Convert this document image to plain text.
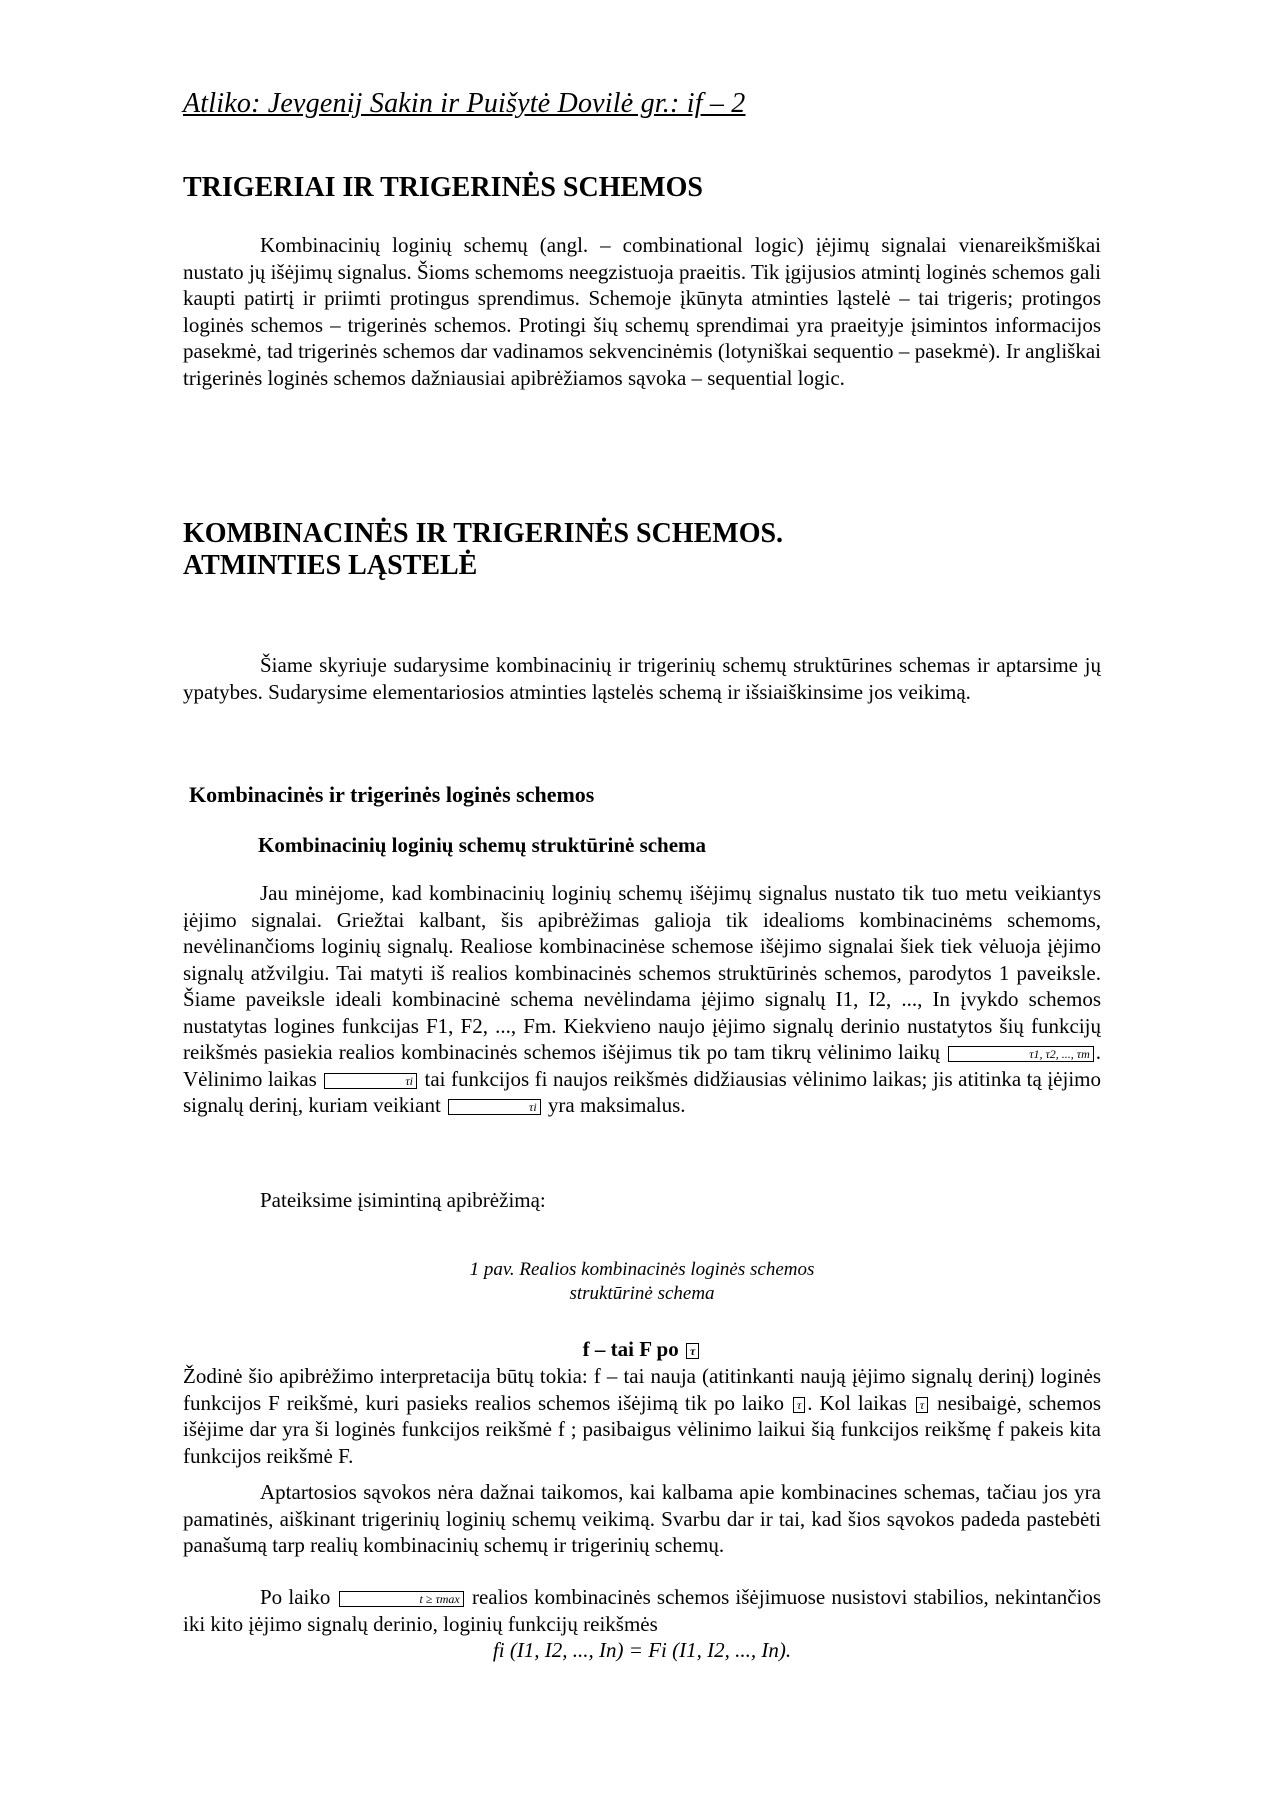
Atliko: Jevgenij Sakin ir Puišytė Dovilė gr.: if – 2
TRIGERIAI IR TRIGERINĖS SCHEMOS

Kombinacinių loginių schemų (angl. – combinational logic) įėjimų signalai vienareikšmiškai nustato jų išėjimų signalus. Šioms schemoms neegzistuoja praeitis. Tik įgijusios atmintį loginės schemos gali kaupti patirtį ir priimti protingus sprendimus. Schemoje įkūnyta atminties ląstelė – tai trigeris; protingos loginės schemos – trigerinės schemos. Protingi šių schemų sprendimai yra praeityje įsimintos informacijos pasekmė, tad trigerinės schemos dar vadinamos sekvencinėmis (lotyniškai sequentio – pasekmė). Ir angliškai trigerinės loginės schemos dažniausiai apibrėžiamos sąvoka – sequential logic.

KOMBINACINĖS IR TRIGERINĖS SCHEMOS.
ATMINTIES LĄSTELĖ

Šiame skyriuje sudarysime kombinacinių ir trigerinių schemų struktūrines schemas ir aptarsime jų ypatybes. Sudarysime elementariosios atminties ląstelės schemą ir išsiaiškinsime jos veikimą.

Kombinacinės ir trigerinės loginės schemos
Kombinacinių loginių schemų struktūrinė schema

Jau minėjome, kad kombinacinių loginių schemų išėjimų signalus nustato tik tuo metu veikiantys įėjimo signalai. Griežtai kalbant, šis apibrėžimas galioja tik idealioms kombinacinėms schemoms, nevėlinančioms loginių signalų. Realiose kombinacinėse schemose išėjimo signalai šiek tiek vėluoja įėjimo signalų atžvilgiu. Tai matyti iš realios kombinacinės schemos struktūrinės schemos, parodytos 1 paveiksle. Šiame paveiksle ideali kombinacinė schema nevėlindama įėjimo signalų I1, I2, ..., In įvykdo schemos nustatytas logines funkcijas F1, F2, ..., Fm. Kiekvieno naujo įėjimo signalų derinio nustatytos šių funkcijų reikšmės pasiekia realios kombinacinės schemos išėjimus tik po tam tikrų vėlinimo laikų	τ1, τ2, ..., τm . Vėlinimo laikas	τi tai funkcijos fi naujos reikšmės didžiausias vėlinimo laikas; jis atitinka tą įėjimo signalų derinį, kuriam veikiant	τi yra maksimalus.

Pateiksime įsimintiną apibrėžimą:

1 pav. Realios kombinacinės loginės schemos
struktūrinė schema

f – tai F po τ

Žodinė šio apibrėžimo interpretacija būtų tokia: f – tai nauja (atitinkanti naują įėjimo signalų derinį) loginės funkcijos F reikšmė, kuri pasieks realios schemos išėjimą tik po laiko τ . Kol laikas τ nesibaigė, schemos išėjime dar yra ši loginės funkcijos reikšmė f ; pasibaigus vėlinimo laikui šią funkcijos reikšmę f pakeis kita funkcijos reikšmė F.

Aptartosios sąvokos nėra dažnai taikomos, kai kalbama apie kombinacines schemas, tačiau jos yra pamatinės, aiškinant trigerinių loginių schemų veikimą. Svarbu dar ir tai, kad šios sąvokos padeda pastebėti panašumą tarp realių kombinacinių schemų ir trigerinių schemų.

Po laiko	t ≥ τmax realios kombinacinės schemos išėjimuose nusistovi stabilios, nekintančios iki kito įėjimo signalų derinio, loginių funkcijų reikšmės

fi (I1, I2, ..., In) = Fi (I1, I2, ..., In).
